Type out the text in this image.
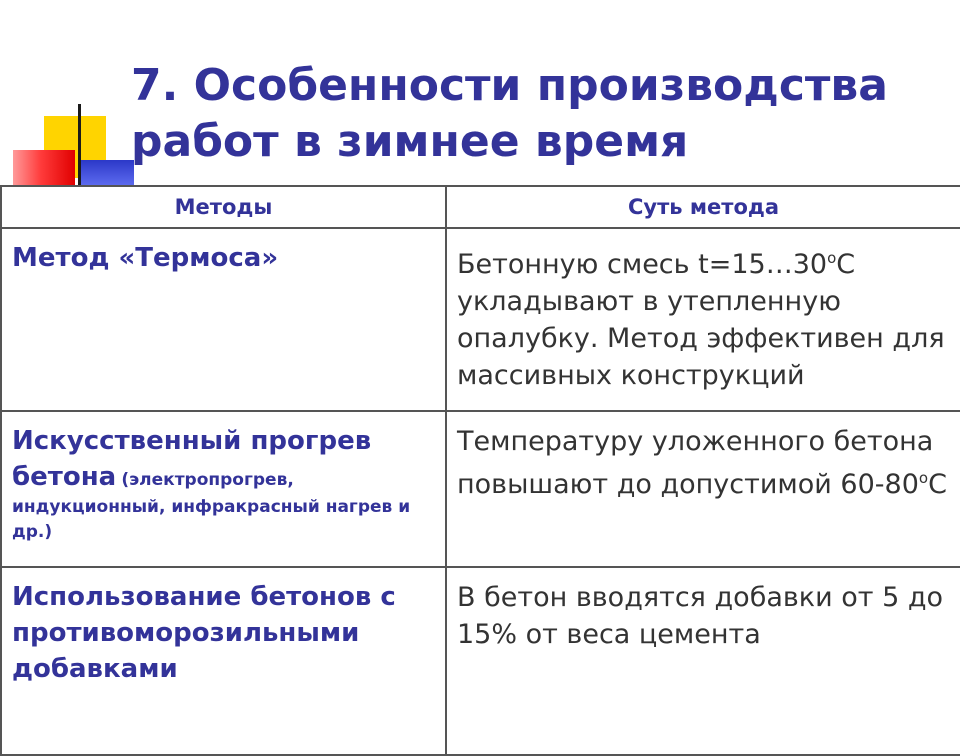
7. Особенности производства работ в зимнее время
Методы	Суть метода
Метод «Термоса»	Бетонную смесь $t=15\dots 30^оС$ укладывают в утепленную опалубку. Метод эффективен для массивных конструкций
Искусственный прогрев бетона (электропрогрев, индукционный, инфракрасный нагрев и др.)	Температуру уложенного бетона повышают до допустимой $60-80^оС$
Использование бетонов с противоморозильными добавками	В бетон вводятся добавки от 5 до 15% от веса цемента
